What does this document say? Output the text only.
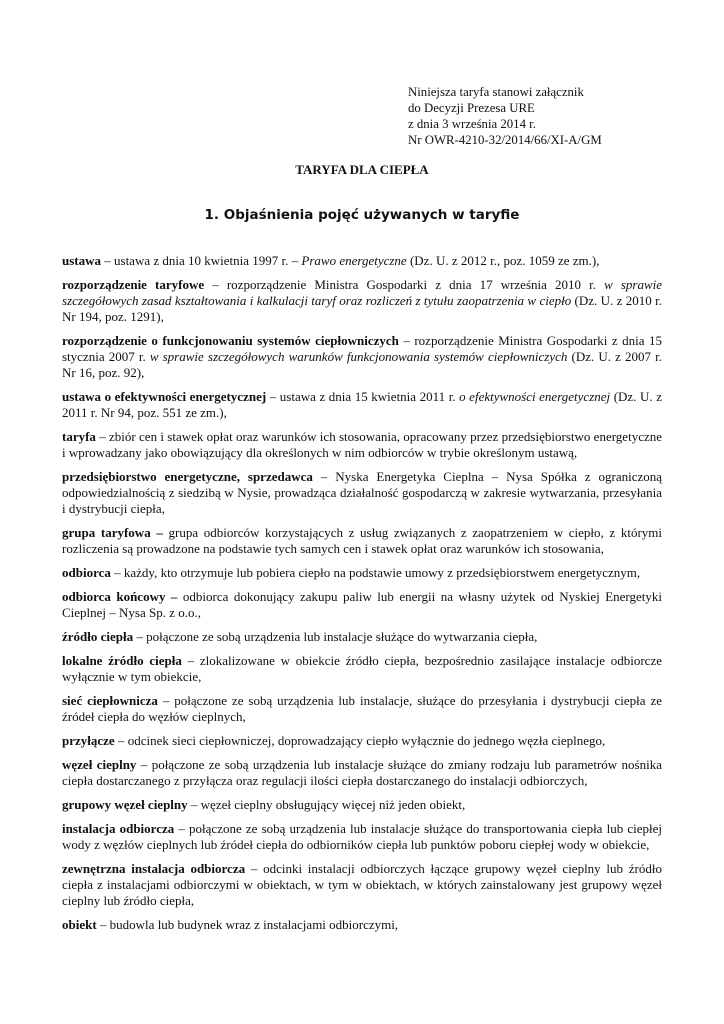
Niniejsza taryfa stanowi załącznik
do Decyzji Prezesa URE
z dnia 3 września 2014 r.
Nr OWR-4210-32/2014/66/XI-A/GM
TARYFA DLA CIEPŁA
1. Objaśnienia pojęć używanych w taryfie

ustawa – ustawa z dnia 10 kwietnia 1997 r. – Prawo energetyczne (Dz. U. z 2012 r., poz. 1059 ze zm.),

rozporządzenie taryfowe – rozporządzenie Ministra Gospodarki z dnia 17 września 2010 r. w sprawie szczegółowych zasad kształtowania i kalkulacji taryf oraz rozliczeń z tytułu zaopatrzenia w ciepło (Dz. U. z 2010 r. Nr 194, poz. 1291),

rozporządzenie o funkcjonowaniu systemów ciepłowniczych – rozporządzenie Ministra Gospodarki z dnia 15 stycznia 2007 r. w sprawie szczegółowych warunków funkcjonowania systemów ciepłowniczych (Dz. U. z 2007 r. Nr 16, poz. 92),

ustawa o efektywności energetycznej – ustawa z dnia 15 kwietnia 2011 r. o efektywności energetycznej (Dz. U. z 2011 r. Nr 94, poz. 551 ze zm.),

taryfa – zbiór cen i stawek opłat oraz warunków ich stosowania, opracowany przez przedsiębiorstwo energetyczne i wprowadzany jako obowiązujący dla określonych w nim odbiorców w trybie określonym ustawą,

przedsiębiorstwo energetyczne, sprzedawca – Nyska Energetyka Cieplna – Nysa Spółka z ograniczoną odpowiedzialnością z siedzibą w Nysie, prowadząca działalność gospodarczą w zakresie wytwarzania, przesyłania i dystrybucji ciepła,

grupa taryfowa – grupa odbiorców korzystających z usług związanych z zaopatrzeniem w ciepło, z którymi rozliczenia są prowadzone na podstawie tych samych cen i stawek opłat oraz warunków ich stosowania,

odbiorca – każdy, kto otrzymuje lub pobiera ciepło na podstawie umowy z przedsiębiorstwem energetycznym,

odbiorca końcowy – odbiorca dokonujący zakupu paliw lub energii na własny użytek od Nyskiej Energetyki Cieplnej – Nysa Sp. z o.o.,

źródło ciepła – połączone ze sobą urządzenia lub instalacje służące do wytwarzania ciepła,

lokalne źródło ciepła – zlokalizowane w obiekcie źródło ciepła, bezpośrednio zasilające instalacje odbiorcze wyłącznie w tym obiekcie,

sieć ciepłownicza – połączone ze sobą urządzenia lub instalacje, służące do przesyłania i dystrybucji ciepła ze źródeł ciepła do węzłów cieplnych,

przyłącze – odcinek sieci ciepłowniczej, doprowadzający ciepło wyłącznie do jednego węzła cieplnego,

węzeł cieplny – połączone ze sobą urządzenia lub instalacje służące do zmiany rodzaju lub parametrów nośnika ciepła dostarczanego z przyłącza oraz regulacji ilości ciepła dostarczanego do instalacji odbiorczych,

grupowy węzeł cieplny – węzeł cieplny obsługujący więcej niż jeden obiekt,

instalacja odbiorcza – połączone ze sobą urządzenia lub instalacje służące do transportowania ciepła lub ciepłej wody z węzłów cieplnych lub źródeł ciepła do odbiorników ciepła lub punktów poboru ciepłej wody w obiekcie,

zewnętrzna instalacja odbiorcza – odcinki instalacji odbiorczych łączące grupowy węzeł cieplny lub źródło ciepła z instalacjami odbiorczymi w obiektach, w tym w obiektach, w których zainstalowany jest grupowy węzeł cieplny lub źródło ciepła,

obiekt – budowla lub budynek wraz z instalacjami odbiorczymi,
